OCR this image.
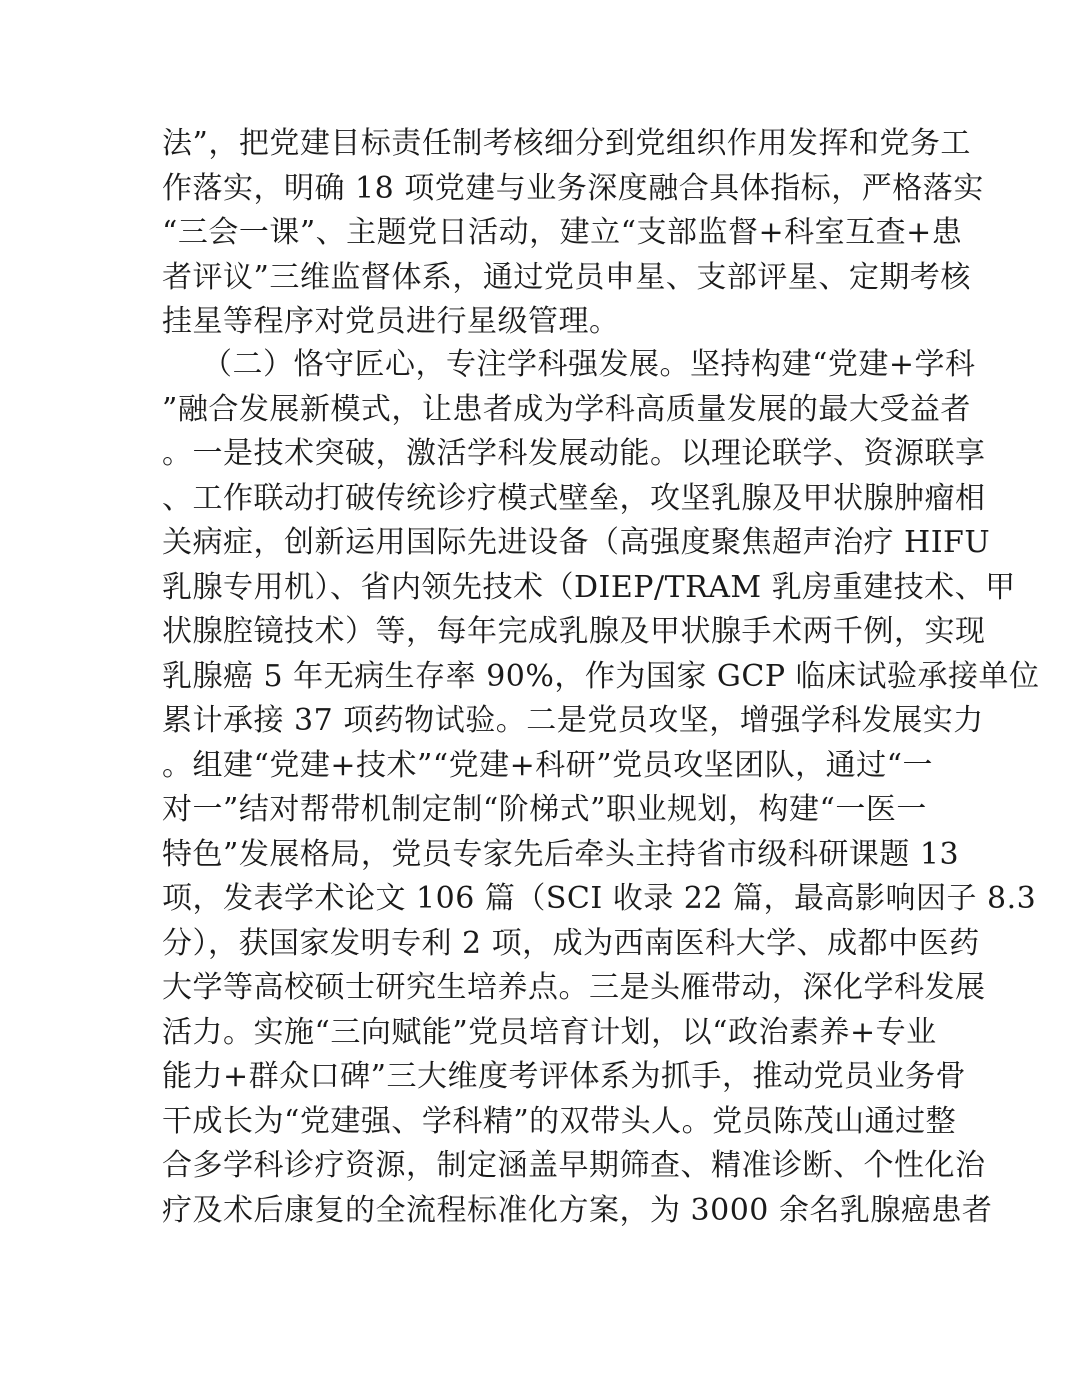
法”，把党建目标责任制考核细分到党组织作用发挥和党务工
作落实，明确 18 项党建与业务深度融合具体指标，严格落实
“三会一课”、主题党日活动，建立“支部监督+科室互查+患
者评议”三维监督体系，通过党员申星、支部评星、定期考核
挂星等程序对党员进行星级管理。
（二）恪守匠心，专注学科强发展。坚持构建“党建+学科
”融合发展新模式，让患者成为学科高质量发展的最大受益者
。一是技术突破，激活学科发展动能。以理论联学、资源联享
、工作联动打破传统诊疗模式壁垒，攻坚乳腺及甲状腺肿瘤相
关病症，创新运用国际先进设备（高强度聚焦超声治疗 HIFU
乳腺专用机）、省内领先技术（DIEP/TRAM 乳房重建技术、甲
状腺腔镜技术）等，每年完成乳腺及甲状腺手术两千例，实现
乳腺癌 5 年无病生存率 90%，作为国家 GCP 临床试验承接单位
累计承接 37 项药物试验。二是党员攻坚，增强学科发展实力
。组建“党建+技术”“党建+科研”党员攻坚团队，通过“一
对一”结对帮带机制定制“阶梯式”职业规划，构建“一医一
特色”发展格局，党员专家先后牵头主持省市级科研课题 13
项，发表学术论文 106 篇（SCI 收录 22 篇，最高影响因子 8.3
分），获国家发明专利 2 项，成为西南医科大学、成都中医药
大学等高校硕士研究生培养点。三是头雁带动，深化学科发展
活力。实施“三向赋能”党员培育计划，以“政治素养+专业
能力+群众口碑”三大维度考评体系为抓手，推动党员业务骨
干成长为“党建强、学科精”的双带头人。党员陈茂山通过整
合多学科诊疗资源，制定涵盖早期筛查、精准诊断、个性化治
疗及术后康复的全流程标准化方案，为 3000 余名乳腺癌患者
